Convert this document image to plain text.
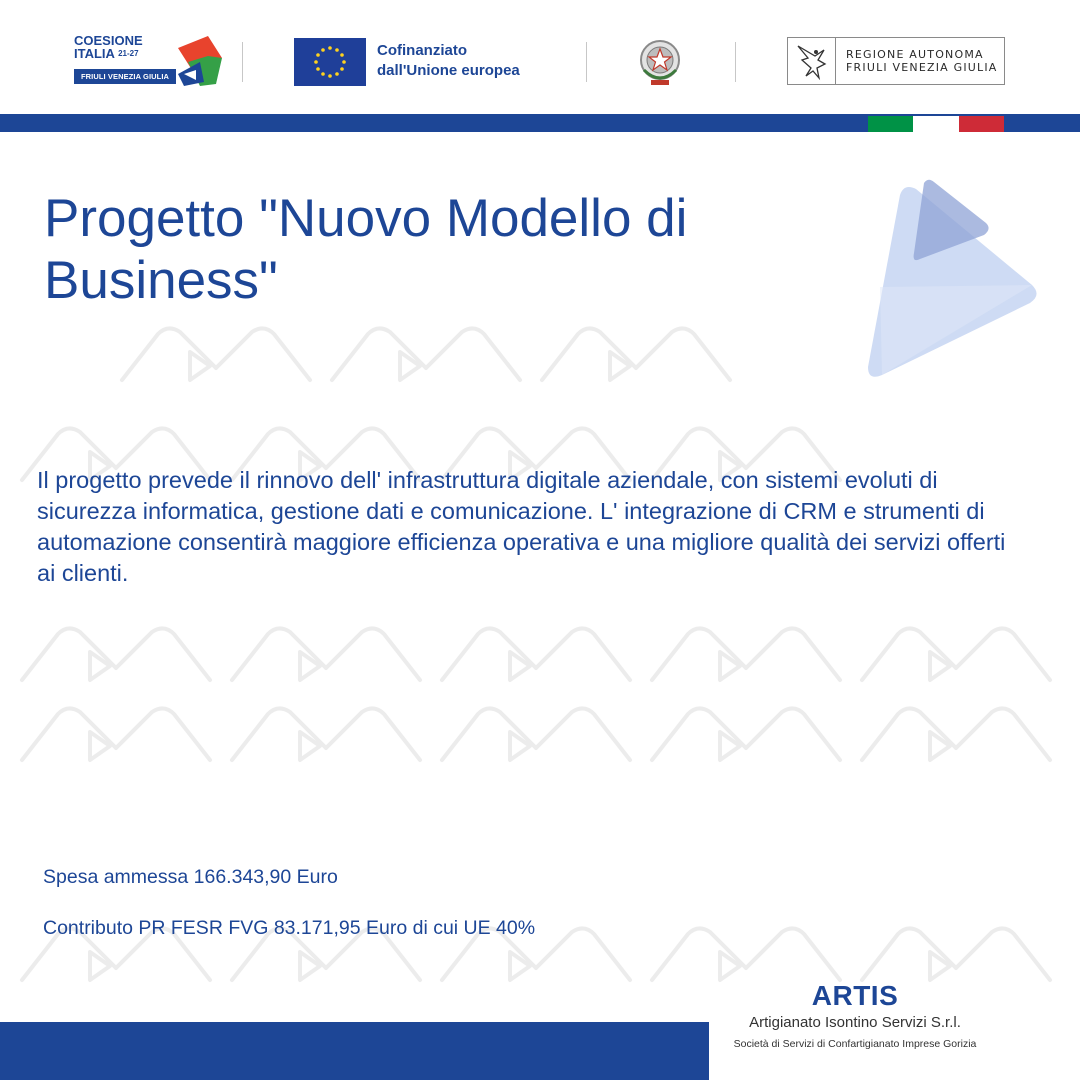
COESIONE
ITALIA 21-27
FRIULI VENEZIA GIULIA
Cofinanziato
dall'Unione europea
REGIONE AUTONOMA
FRIULI VENEZIA GIULIA
Progetto "Nuovo Modello di Business"

Il progetto prevede il rinnovo dell' infrastruttura digitale aziendale, con sistemi evoluti di sicurezza informatica, gestione dati e comunicazione. L' integrazione di CRM e strumenti di automazione consentirà maggiore efficienza operativa e una migliore qualità dei servizi offerti ai clienti.

Spesa ammessa 166.343,90 Euro

Contributo PR FESR FVG 83.171,95 Euro di cui UE 40%

ARTIS
Artigianato Isontino Servizi S.r.l.
Società di Servizi di Confartigianato Imprese Gorizia
